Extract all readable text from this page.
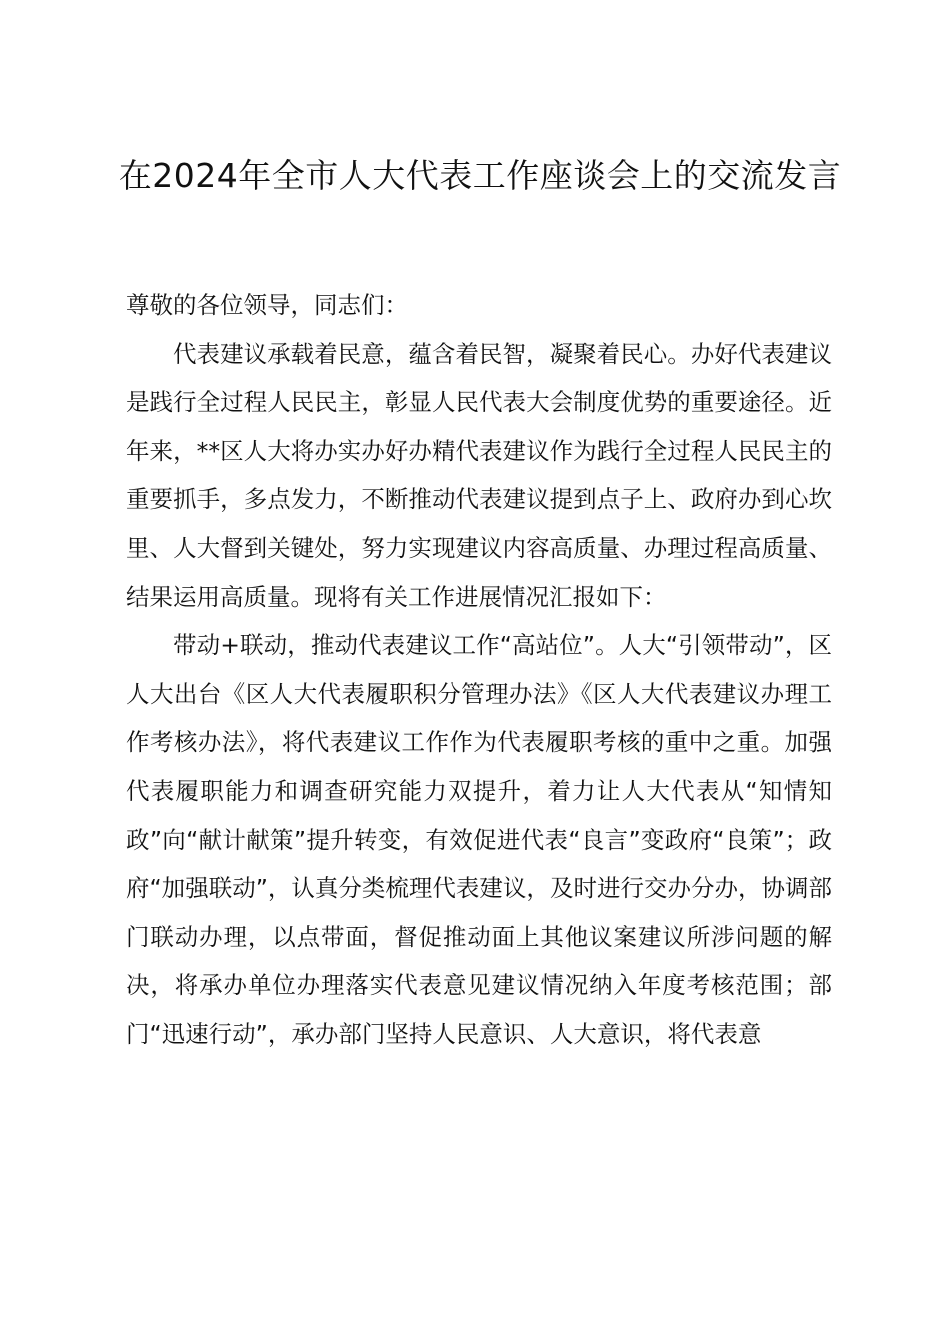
在2024年全市人大代表工作座谈会上的交流发言

尊敬的各位领导，同志们：

代表建议承载着民意，蕴含着民智，凝聚着民心。办好代表建议是践行全过程人民民主，彰显人民代表大会制度优势的重要途径。近年来，**区人大将办实办好办精代表建议作为践行全过程人民民主的重要抓手，多点发力，不断推动代表建议提到点子上、政府办到心坎里、人大督到关键处，努力实现建议内容高质量、办理过程高质量、结果运用高质量。现将有关工作进展情况汇报如下：

带动+联动，推动代表建议工作“高站位”。人大“引领带动”，区人大出台《区人大代表履职积分管理办法》《区人大代表建议办理工作考核办法》，将代表建议工作作为代表履职考核的重中之重。加强代表履职能力和调查研究能力双提升，着力让人大代表从“知情知政”向“献计献策”提升转变，有效促进代表“良言”变政府“良策”；政府“加强联动”，认真分类梳理代表建议，及时进行交办分办，协调部门联动办理，以点带面，督促推动面上其他议案建议所涉问题的解决，将承办单位办理落实代表意见建议情况纳入年度考核范围；部门“迅速行动”，承办部门坚持人民意识、人大意识，将代表意
